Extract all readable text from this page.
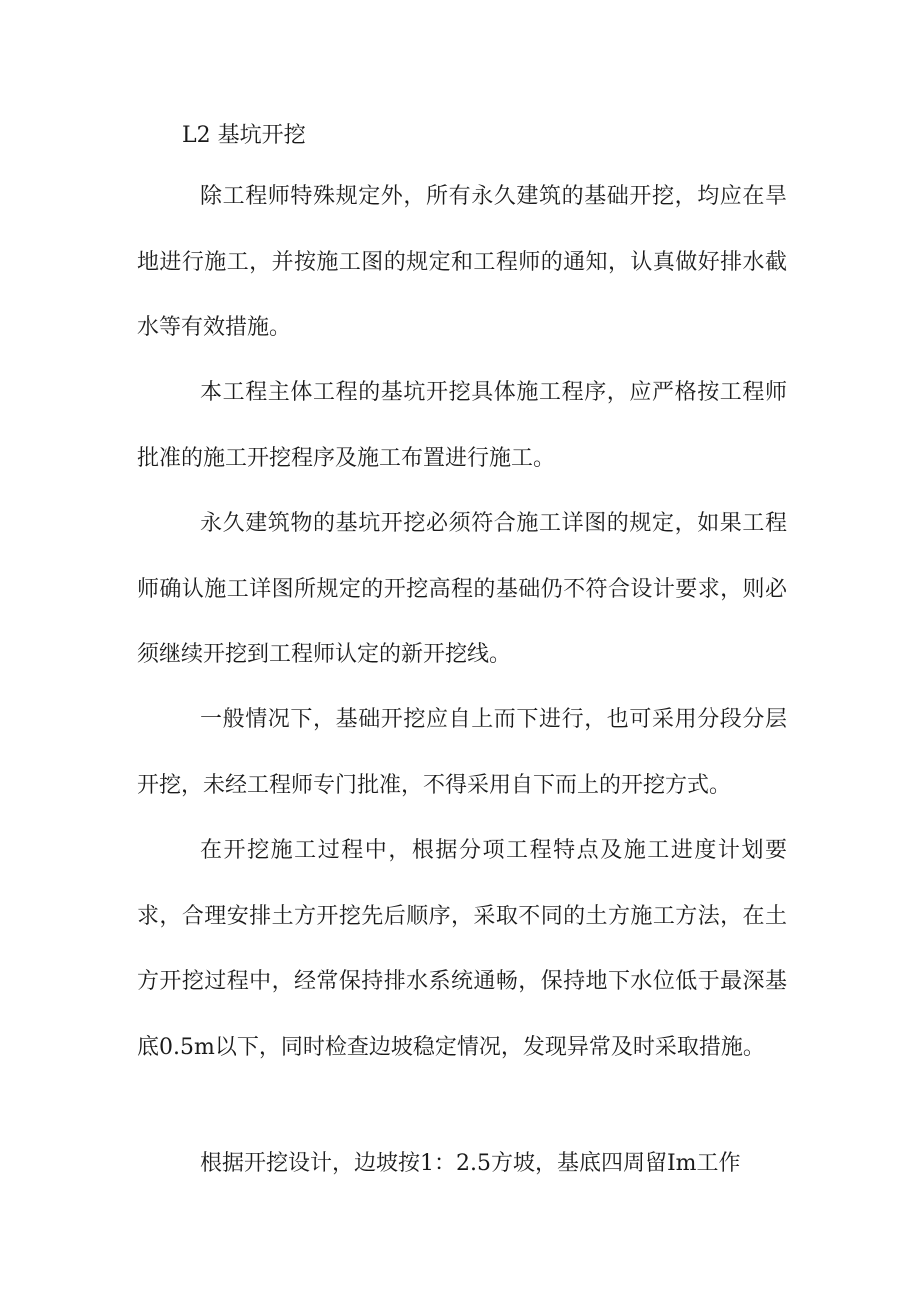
L2 基坑开挖

除工程师特殊规定外，所有永久建筑的基础开挖，均应在旱地进行施工，并按施工图的规定和工程师的通知，认真做好排水截水等有效措施。

本工程主体工程的基坑开挖具体施工程序，应严格按工程师批准的施工开挖程序及施工布置进行施工。

永久建筑物的基坑开挖必须符合施工详图的规定，如果工程师确认施工详图所规定的开挖高程的基础仍不符合设计要求，则必须继续开挖到工程师认定的新开挖线。

一般情况下，基础开挖应自上而下进行，也可采用分段分层开挖，未经工程师专门批准，不得采用自下而上的开挖方式。

在开挖施工过程中，根据分项工程特点及施工进度计划要求，合理安排土方开挖先后顺序，采取不同的土方施工方法，在土方开挖过程中，经常保持排水系统通畅，保持地下水位低于最深基底0.5m以下，同时检查边坡稳定情况，发现异常及时采取措施。

根据开挖设计，边坡按1：2.5方坡，基底四周留Im工作
